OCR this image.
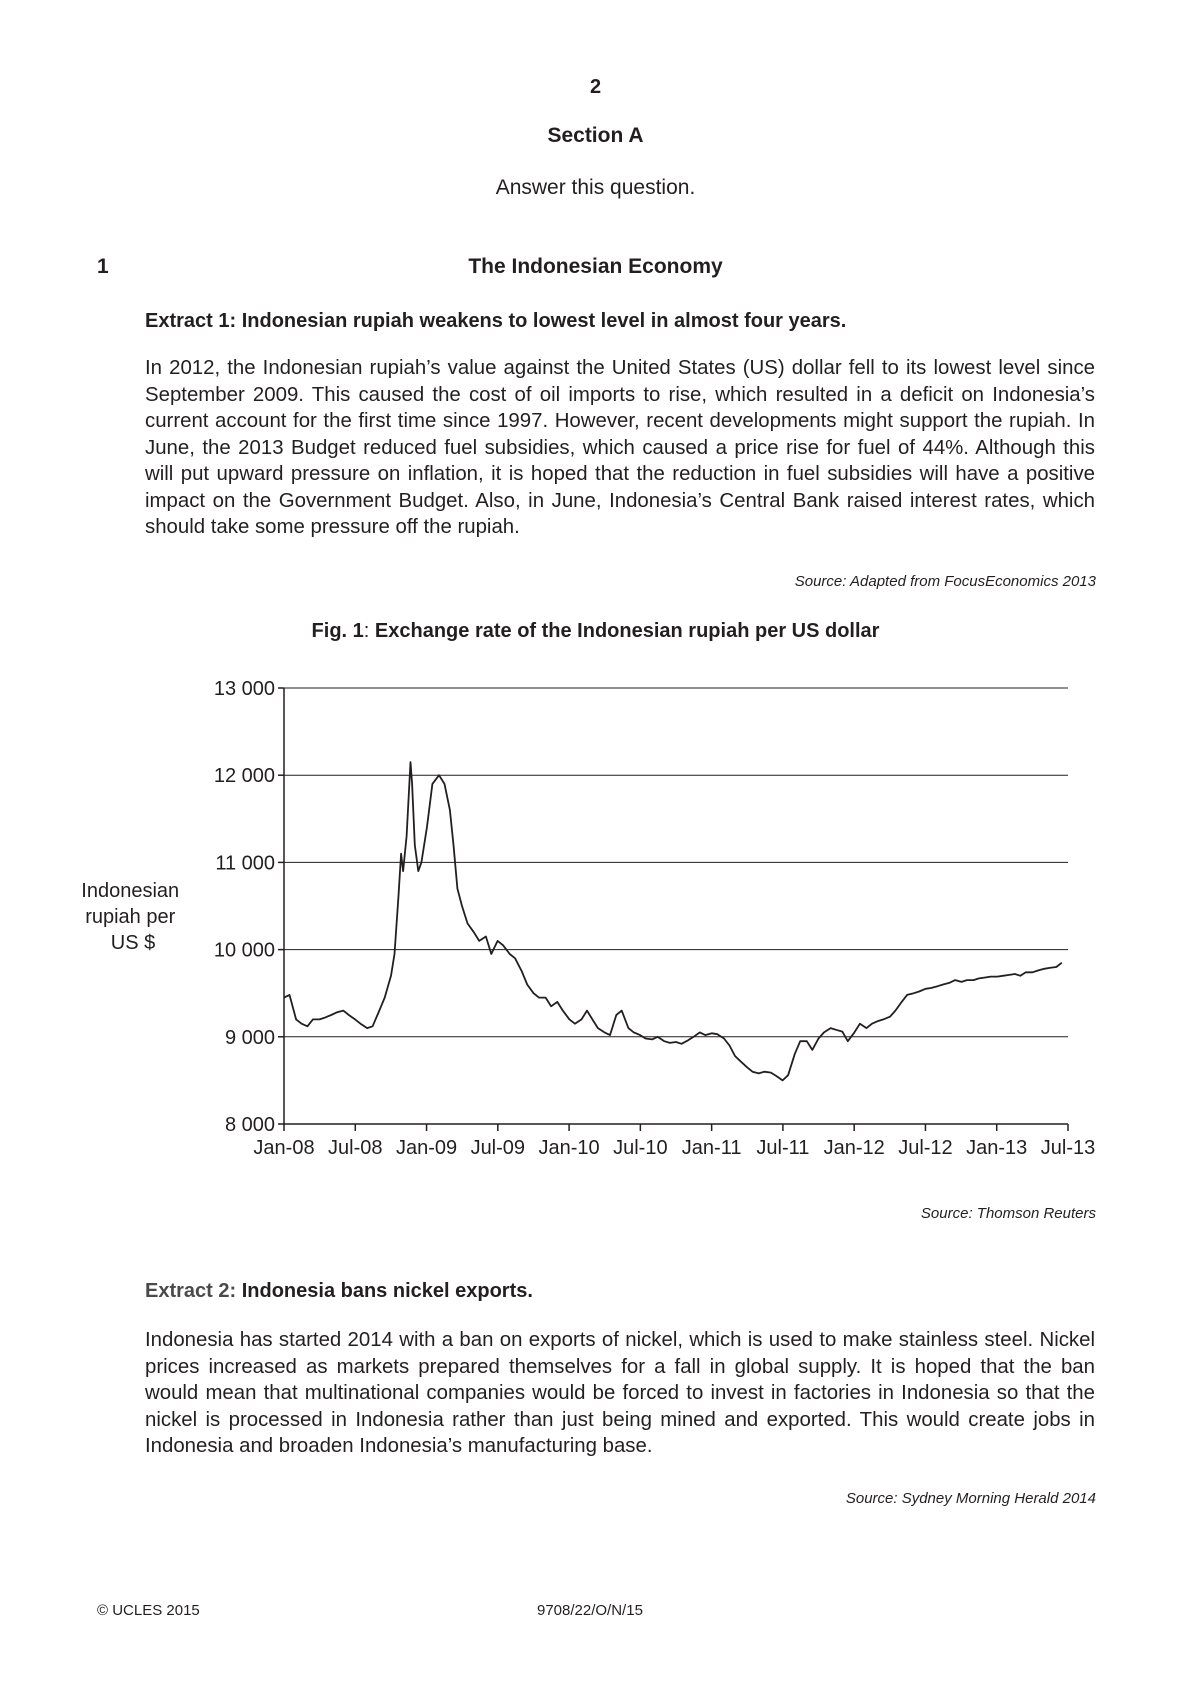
2
Section A
Answer this question.
1	The Indonesian Economy
Extract 1: Indonesian rupiah weakens to lowest level in almost four years.

In 2012, the Indonesian rupiah’s value against the United States (US) dollar fell to its lowest level since September 2009. This caused the cost of oil imports to rise, which resulted in a deficit on Indonesia’s current account for the first time since 1997. However, recent developments might support the rupiah. In June, the 2013 Budget reduced fuel subsidies, which caused a price rise for fuel of 44%. Although this will put upward pressure on inflation, it is hoped that the reduction in fuel subsidies will have a positive impact on the Government Budget. Also, in June, Indonesia’s Central Bank raised interest rates, which should take some pressure off the rupiah.

Source: Adapted from FocusEconomics 2013
Fig. 1: Exchange rate of the Indonesian rupiah per US dollar
8 000
9 000
10 000
11 000
12 000
13 000
Jan-08 Jul-08 Jan-09 Jul-09 Jan-10 Jul-10 Jan-11 Jul-11 Jan-12 Jul-12 Jan-13 Jul-13
Indonesian rupiah per US $
Source: Thomson Reuters
Extract 2: Indonesia bans nickel exports.

Indonesia has started 2014 with a ban on exports of nickel, which is used to make stainless steel. Nickel prices increased as markets prepared themselves for a fall in global supply. It is hoped that the ban would mean that multinational companies would be forced to invest in factories in Indonesia so that the nickel is processed in Indonesia rather than just being mined and exported. This would create jobs in Indonesia and broaden Indonesia’s manufacturing base.

Source: Sydney Morning Herald 2014
© UCLES 2015	9708/22/O/N/15
